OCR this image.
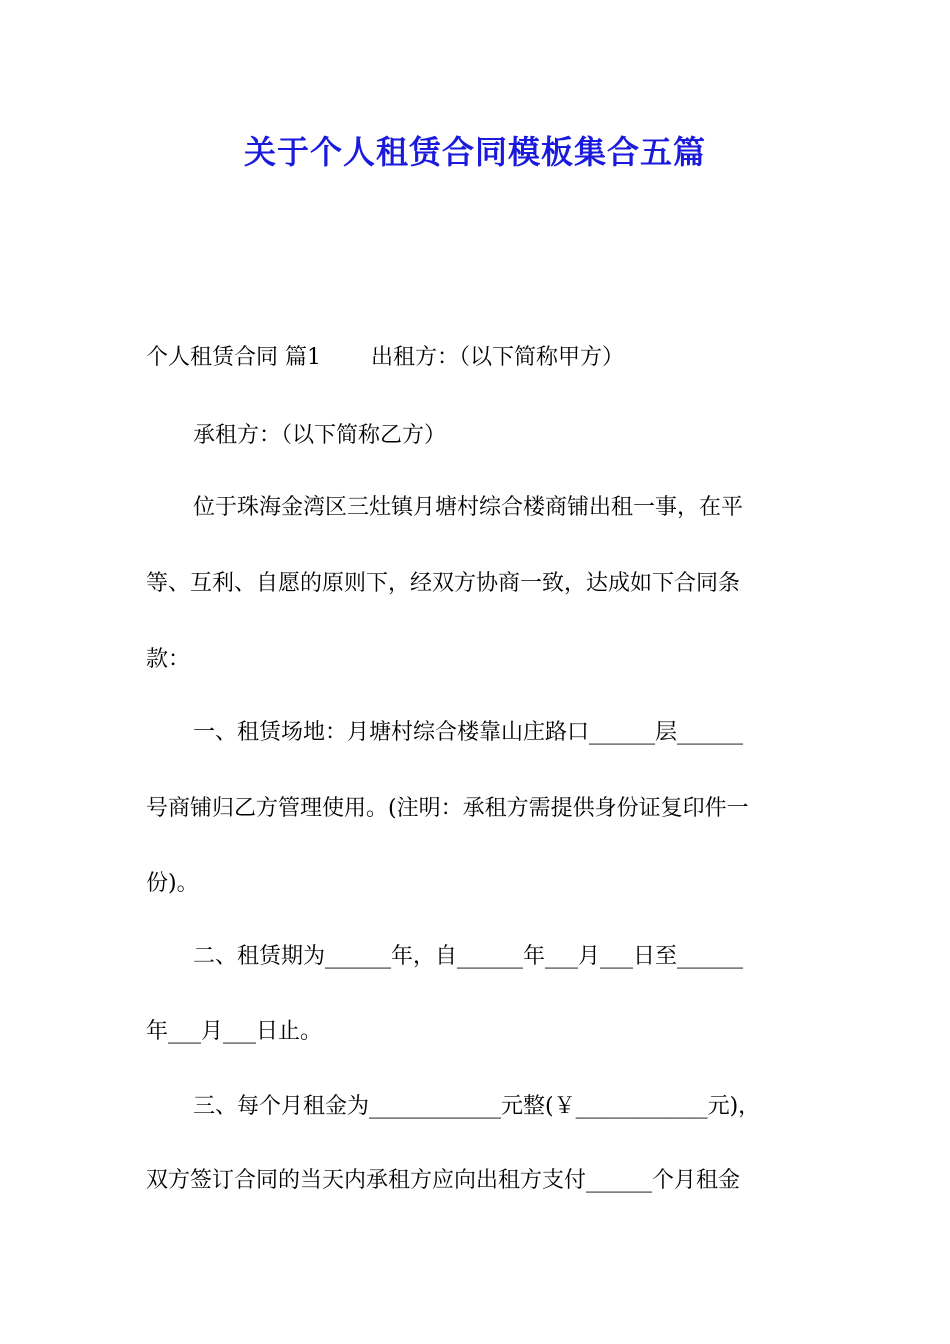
关于个人租赁合同模板集合五篇
个人租赁合同 篇1 出租方：（以下简称甲方）
承租方：（以下简称乙方）
位于珠海金湾区三灶镇月塘村综合楼商铺出租一事，在平
等、互利、自愿的原则下，经双方协商一致，达成如下合同条
款：
一、租赁场地：月塘村综合楼靠山庄路口______层______
号商铺归乙方管理使用。(注明：承租方需提供身份证复印件一
份)。
二、租赁期为______年，自______年___月___日至______
年___月___日止。
三、每个月租金为____________元整(￥____________元)，
双方签订合同的当天内承租方应向出租方支付______个月租金
